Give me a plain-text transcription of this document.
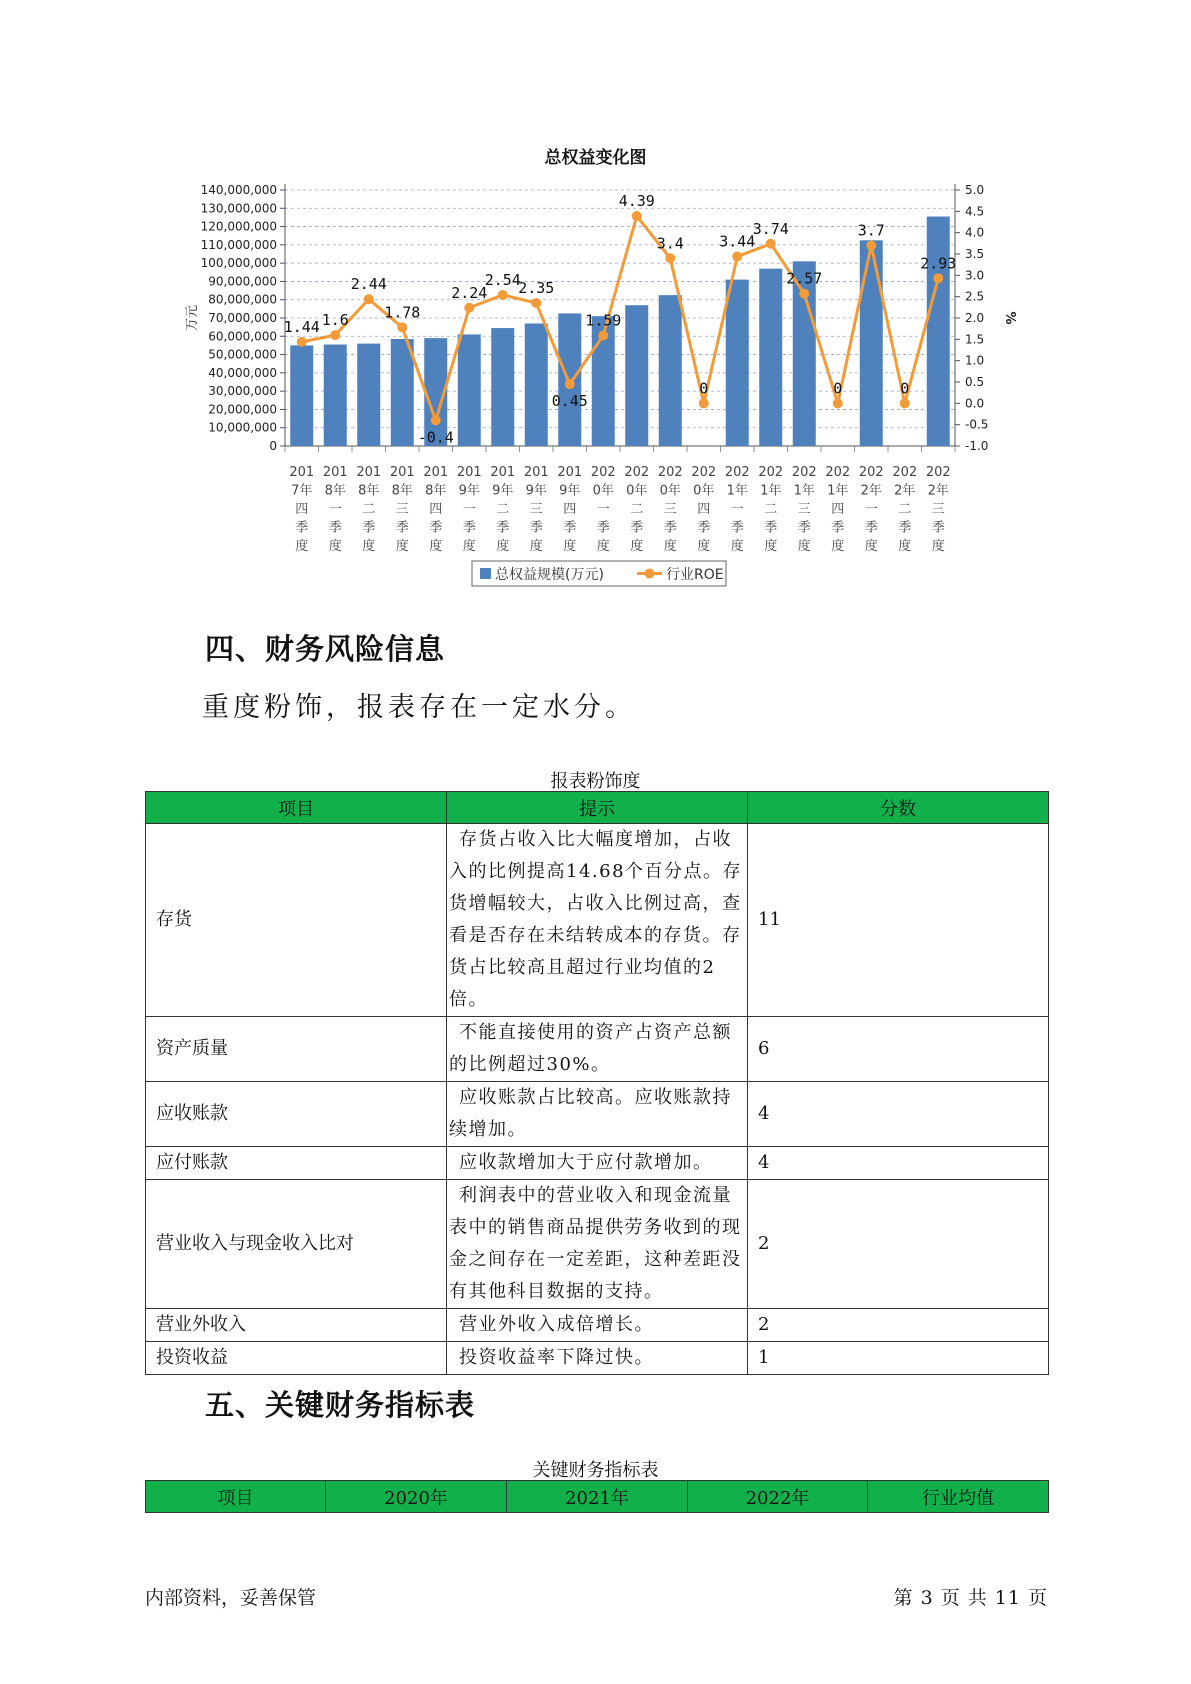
总权益变化图
0
10,000,000
20,000,000
30,000,000
40,000,000
50,000,000
60,000,000
70,000,000
80,000,000
90,000,000
100,000,000
110,000,000
120,000,000
130,000,000
140,000,000
-1.0
-0.5
0.0
0.5
1.0
1.5
2.0
2.5
3.0
3.5
4.0
4.5
5.0
万元	%
201
7年
四
季
度
201
8年
一
季
度
201
8年
二
季
度
201
8年
三
季
度
201
8年
四
季
度
201
9年
一
季
度
201
9年
二
季
度
201
9年
三
季
度
201
9年
四
季
度
202
0年
一
季
度
202
0年
二
季
度
202
0年
三
季
度
202
0年
四
季
度
202
1年
一
季
度
202
1年
二
季
度
202
1年
三
季
度
202
1年
四
季
度
202
2年
一
季
度
202
2年
二
季
度
202
2年
三
季
度
1.44 1.6
2.44
1.78
-0.4
2.24
2.54
2.35
0.45
1.59
4.39
3.4
0
3.44
3.74
2.57
0
3.7
0
2.93
总权益规模(万元)	行业ROE
四、财务风险信息
重度粉饰，报表存在一定水分。
报表粉饰度
项目	提示	分数
存货	存货占收入比大幅度增加，占收入的比例提高14.68个百分点。存货增幅较大，占收入比例过高，查看是否存在未结转成本的存货。存货占比较高且超过行业均值的2倍。	11
资产质量	不能直接使用的资产占资产总额的比例超过30%。	6
应收账款	应收账款占比较高。应收账款持续增加。	4
应付账款	应收款增加大于应付款增加。	4
营业收入与现金收入比对	利润表中的营业收入和现金流量表中的销售商品提供劳务收到的现金之间存在一定差距，这种差距没有其他科目数据的支持。	2
营业外收入	营业外收入成倍增长。	2
投资收益	投资收益率下降过快。	1
五、关键财务指标表
关键财务指标表
项目	2020年	2021年	2022年	行业均值
内部资料，妥善保管	第 3 页 共 11 页
